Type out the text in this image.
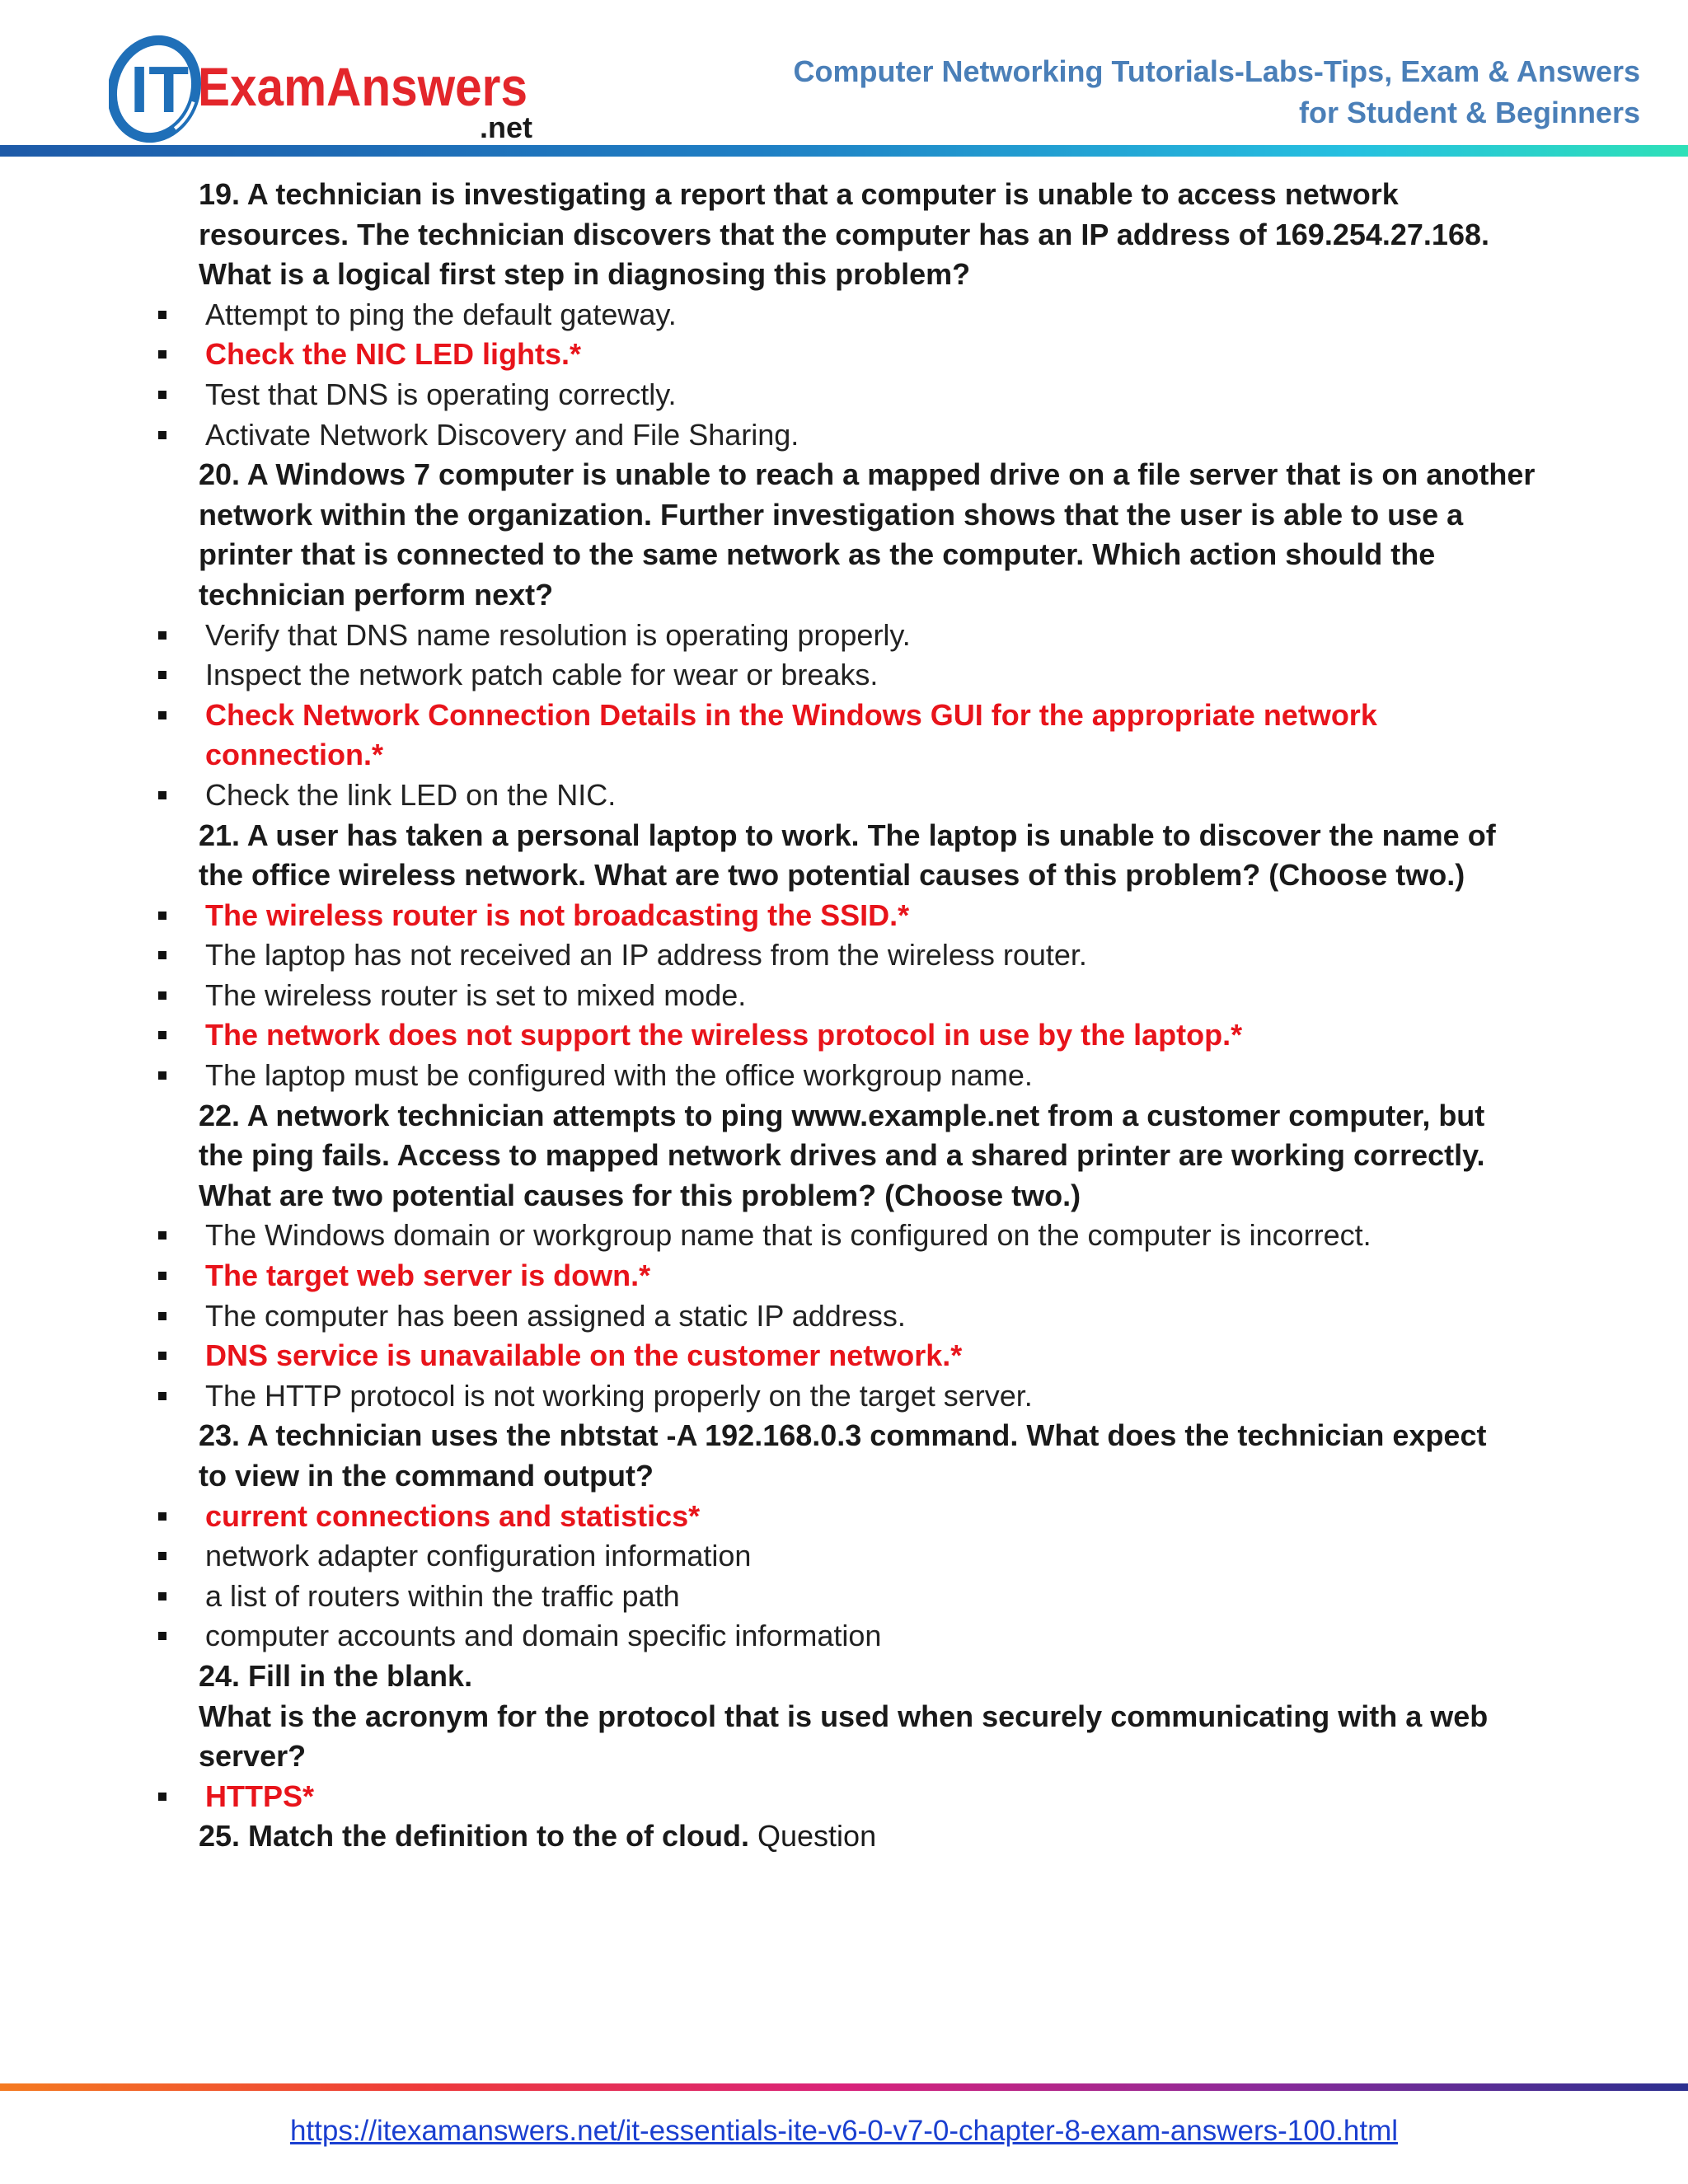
IT ExamAnswers
.net
Computer Networking Tutorials-Labs-Tips, Exam & Answers
for Student & Beginners
19. A technician is investigating a report that a computer is unable to access network
resources. The technician discovers that the computer has an IP address of 169.254.27.168.
What is a logical first step in diagnosing this problem?
Attempt to ping the default gateway.
Check the NIC LED lights.*
Test that DNS is operating correctly.
Activate Network Discovery and File Sharing.
20. A Windows 7 computer is unable to reach a mapped drive on a file server that is on another
network within the organization. Further investigation shows that the user is able to use a
printer that is connected to the same network as the computer. Which action should the
technician perform next?
Verify that DNS name resolution is operating properly.
Inspect the network patch cable for wear or breaks.
Check Network Connection Details in the Windows GUI for the appropriate network
connection.*
Check the link LED on the NIC.
21. A user has taken a personal laptop to work. The laptop is unable to discover the name of
the office wireless network. What are two potential causes of this problem? (Choose two.)
The wireless router is not broadcasting the SSID.*
The laptop has not received an IP address from the wireless router.
The wireless router is set to mixed mode.
The network does not support the wireless protocol in use by the laptop.*
The laptop must be configured with the office workgroup name.
22. A network technician attempts to ping www.example.net from a customer computer, but
the ping fails. Access to mapped network drives and a shared printer are working correctly.
What are two potential causes for this problem? (Choose two.)
The Windows domain or workgroup name that is configured on the computer is incorrect.
The target web server is down.*
The computer has been assigned a static IP address.
DNS service is unavailable on the customer network.*
The HTTP protocol is not working properly on the target server.
23. A technician uses the nbtstat -A 192.168.0.3 command. What does the technician expect
to view in the command output?
current connections and statistics*
network adapter configuration information
a list of routers within the traffic path
computer accounts and domain specific information
24. Fill in the blank.
What is the acronym for the protocol that is used when securely communicating with a web
server?
HTTPS*
25. Match the definition to the of cloud. Question
https://itexamanswers.net/it-essentials-ite-v6-0-v7-0-chapter-8-exam-answers-100.html
